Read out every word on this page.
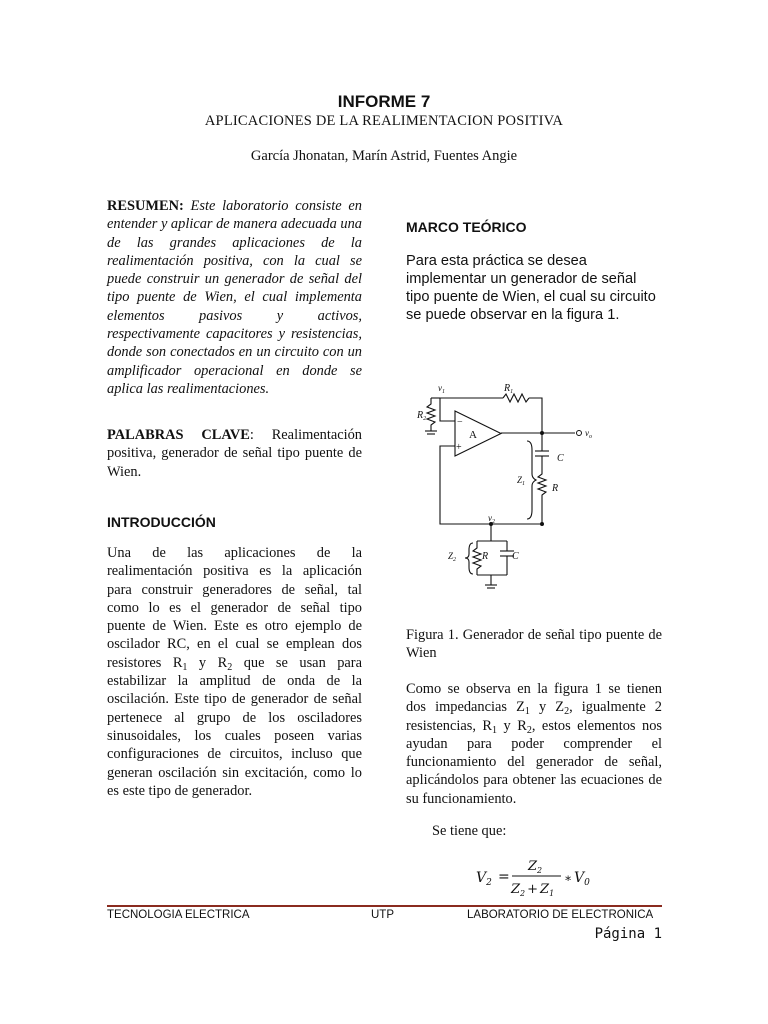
INFORME 7
APLICACIONES DE LA REALIMENTACION POSITIVA
García Jhonatan, Marín Astrid, Fuentes Angie
RESUMEN: Este laboratorio consiste en entender y aplicar de manera adecuada una de las grandes aplicaciones de la realimentación positiva, con la cual se puede construir un generador de señal del tipo puente de Wien, el cual implementa elementos pasivos y activos, respectivamente capacitores y resistencias, donde son conectados en un circuito con un amplificador operacional en donde se aplica las realimentaciones.
PALABRAS CLAVE: Realimentación positiva, generador de señal tipo puente de Wien.
INTRODUCCIÓN
Una de las aplicaciones de la realimentación positiva es la aplicación para construir generadores de señal, tal como lo es el generador de señal tipo puente de Wien. Este es otro ejemplo de oscilador RC, en el cual se emplean dos resistores $R_1$ y $R_2$ que se usan para estabilizar la amplitud de onda de la oscilación. Este tipo de generador de señal pertenece al grupo de los osciladores sinusoidales, los cuales poseen varias configuraciones de circuitos, incluso que generan oscilación sin excitación, como lo es este tipo de generador.
MARCO TEÓRICO
Para esta práctica se desea implementar un generador de señal tipo puente de Wien, el cual su circuito se puede observar en la figura 1.
$v_1$	$R_1$
$R_2$
A
−
+
$v_o$
C
$Z_1$	R
$v_2$
$Z_2$	R C
Figura 1. Generador de señal tipo puente de Wien
Como se observa en la figura 1 se tienen dos impedancias $Z_1$ y $Z_2$, igualmente 2 resistencias, $R_1$ y $R_2$, estos elementos nos ayudan para poder comprender el funcionamiento del generador de señal, aplicándolos para obtener las ecuaciones de su funcionamiento.
Se tiene que:
$V_2$ =
$Z_2$
$Z_2 + Z_1$
∗ $V_0$
TECNOLOGIA ELECTRICA	UTP	LABORATORIO DE ELECTRONICA
Página 1
